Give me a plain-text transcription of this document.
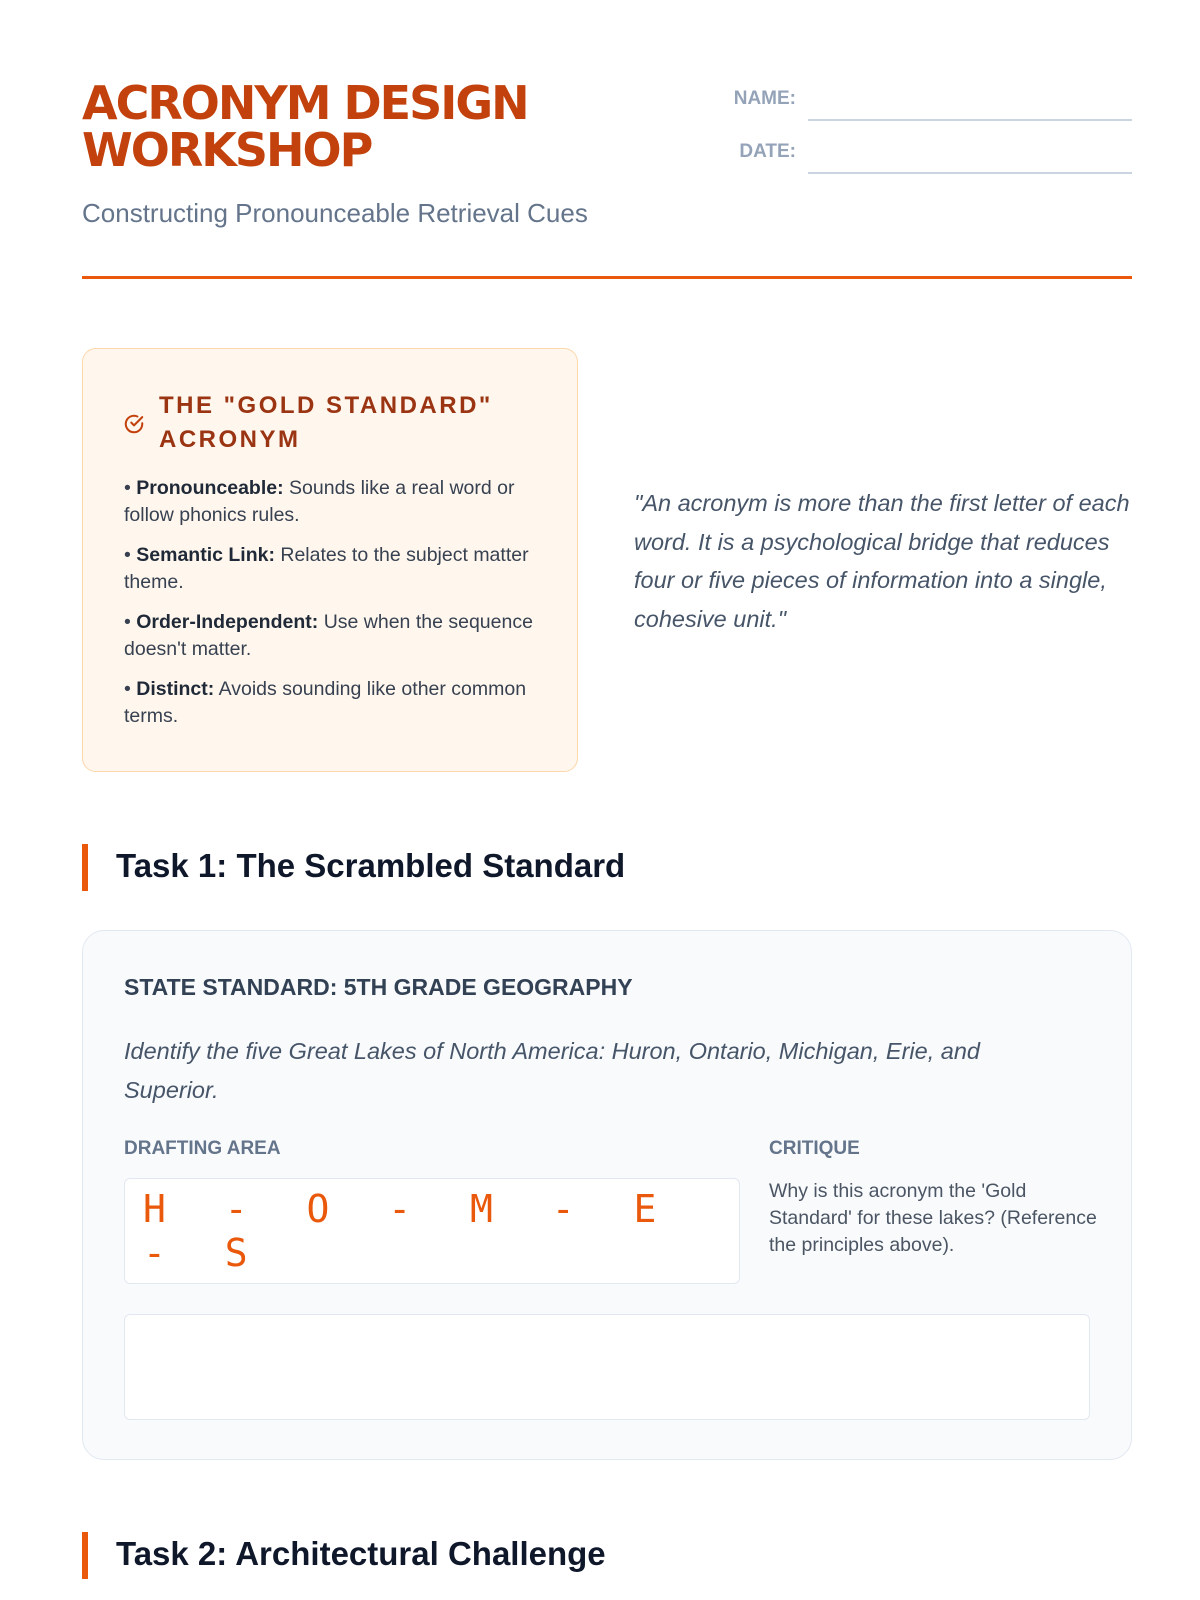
ACRONYM DESIGN WORKSHOP
Constructing Pronounceable Retrieval Cues
NAME:
DATE:
THE "GOLD STANDARD" ACRONYM
• Pronounceable: Sounds like a real word or follow phonics rules.
• Semantic Link: Relates to the subject matter theme.
• Order-Independent: Use when the sequence doesn't matter.
• Distinct: Avoids sounding like other common terms.

"An acronym is more than the first letter of each word. It is a psychological bridge that reduces four or five pieces of information into a single, cohesive unit."

Task 1: The Scrambled Standard
STATE STANDARD: 5TH GRADE GEOGRAPHY

Identify the five Great Lakes of North America: Huron, Ontario, Michigan, Erie, and Superior.

DRAFTING AREA
H - O - M - E - S
CRITIQUE

Why is this acronym the 'Gold Standard' for these lakes? (Reference the principles above).

Task 2: Architectural Challenge
